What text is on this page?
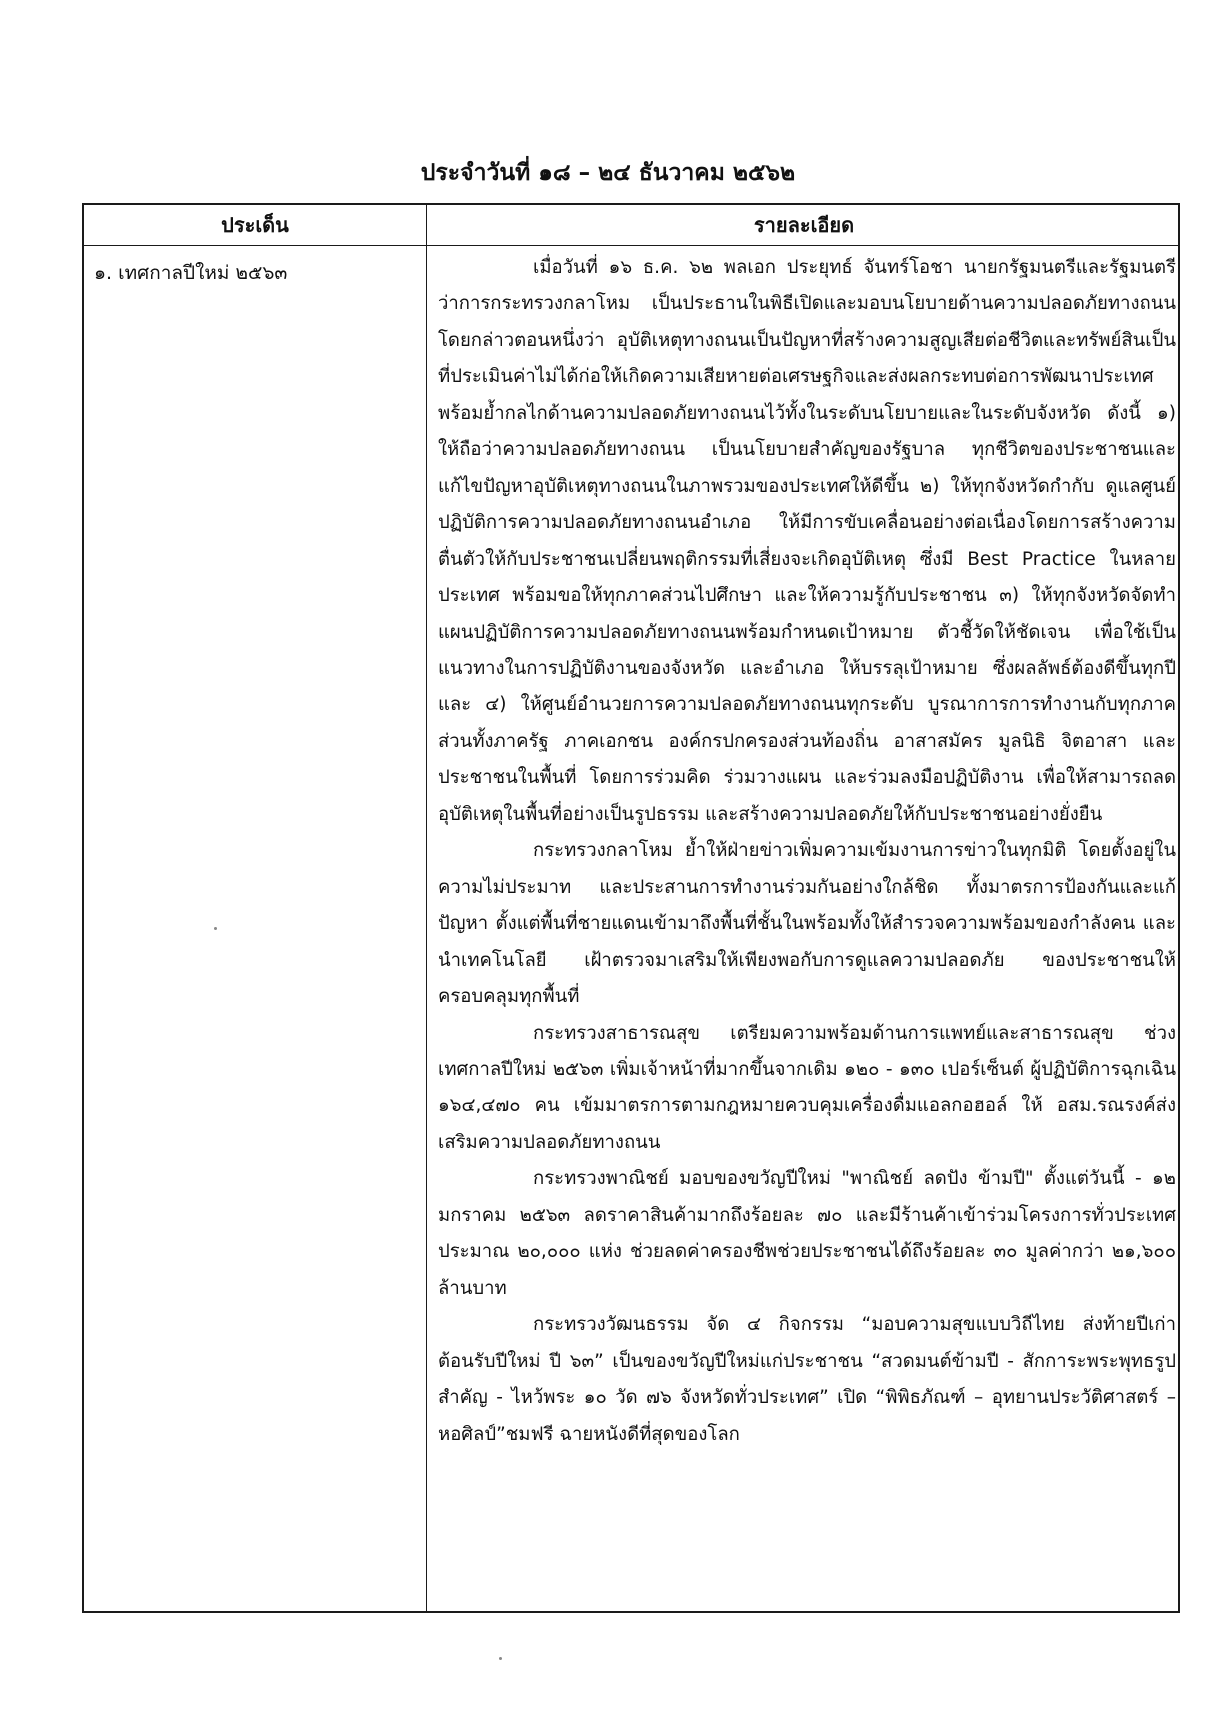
ประจำวันที่ ๑๘ – ๒๔ ธันวาคม ๒๕๖๒
ประเด็น	รายละเอียด
๑. เทศกาลปีใหม่ ๒๕๖๓	เมื่อวันที่ ๑๖ ธ.ค. ๖๒ พลเอก ประยุทธ์ จันทร์โอชา นายกรัฐมนตรีและรัฐมนตรีว่าการกระทรวงกลาโหม เป็นประธานในพิธีเปิดและมอบนโยบายด้านความปลอดภัยทางถนน โดยกล่าวตอนหนึ่งว่า อุบัติเหตุทางถนนเป็นปัญหาที่สร้างความสูญเสียต่อชีวิตและทรัพย์สินเป็นที่ประเมินค่าไม่ได้ก่อให้เกิดความเสียหายต่อเศรษฐกิจและส่งผลกระทบต่อการพัฒนาประเทศ พร้อมย้ำกลไกด้านความปลอดภัยทางถนนไว้ทั้งในระดับนโยบายและในระดับจังหวัด ดังนี้ ๑) ให้ถือว่าความปลอดภัยทางถนน เป็นนโยบายสำคัญของรัฐบาล ทุกชีวิตของประชาชนและแก้ไขปัญหาอุบัติเหตุทางถนนในภาพรวมของประเทศให้ดีขึ้น ๒) ให้ทุกจังหวัดกำกับ ดูแลศูนย์ปฏิบัติการความปลอดภัยทางถนนอำเภอ ให้มีการขับเคลื่อนอย่างต่อเนื่องโดยการสร้างความตื่นตัวให้กับประชาชนเปลี่ยนพฤติกรรมที่เสี่ยงจะเกิดอุบัติเหตุ ซึ่งมี Best Practice ในหลายประเทศ พร้อมขอให้ทุกภาคส่วนไปศึกษา และให้ความรู้กับประชาชน ๓) ให้ทุกจังหวัดจัดทำแผนปฏิบัติการความปลอดภัยทางถนนพร้อมกำหนดเป้าหมาย ตัวชี้วัดให้ชัดเจน เพื่อใช้เป็นแนวทางในการปฏิบัติงานของจังหวัด และอำเภอ ให้บรรลุเป้าหมาย ซึ่งผลลัพธ์ต้องดีขึ้นทุกปี และ ๔) ให้ศูนย์อำนวยการความปลอดภัยทางถนนทุกระดับ บูรณาการการทำงานกับทุกภาคส่วนทั้งภาครัฐ ภาคเอกชน องค์กรปกครองส่วนท้องถิ่น อาสาสมัคร มูลนิธิ จิตอาสา และประชาชนในพื้นที่ โดยการร่วมคิด ร่วมวางแผน และร่วมลงมือปฏิบัติงาน เพื่อให้สามารถลดอุบัติเหตุในพื้นที่อย่างเป็นรูปธรรม และสร้างความปลอดภัยให้กับประชาชนอย่างยั่งยืน

กระทรวงกลาโหม ย้ำให้ฝ่ายข่าวเพิ่มความเข้มงานการข่าวในทุกมิติ โดยตั้งอยู่ในความไม่ประมาท และประสานการทำงานร่วมกันอย่างใกล้ชิด ทั้งมาตรการป้องกันและแก้ปัญหา ตั้งแต่พื้นที่ชายแดนเข้ามาถึงพื้นที่ชั้นในพร้อมทั้งให้สำรวจความพร้อมของกำลังคน และนำเทคโนโลยี เฝ้าตรวจมาเสริมให้เพียงพอกับการดูแลความปลอดภัย ของประชาชนให้ครอบคลุมทุกพื้นที่

กระทรวงสาธารณสุข เตรียมความพร้อมด้านการแพทย์และสาธารณสุข ช่วงเทศกาลปีใหม่ ๒๕๖๓ เพิ่มเจ้าหน้าที่มากขึ้นจากเดิม ๑๒๐ - ๑๓๐ เปอร์เซ็นต์ ผู้ปฏิบัติการฉุกเฉิน ๑๖๔,๔๗๐ คน เข้มมาตรการตามกฎหมายควบคุมเครื่องดื่มแอลกอฮอล์ ให้ อสม.รณรงค์ส่งเสริมความปลอดภัยทางถนน

กระทรวงพาณิชย์ มอบของขวัญปีใหม่ "พาณิชย์ ลดปัง ข้ามปี" ตั้งแต่วันนี้ - ๑๒ มกราคม ๒๕๖๓ ลดราคาสินค้ามากถึงร้อยละ ๗๐ และมีร้านค้าเข้าร่วมโครงการทั่วประเทศประมาณ ๒๐,๐๐๐ แห่ง ช่วยลดค่าครองชีพช่วยประชาชนได้ถึงร้อยละ ๓๐ มูลค่ากว่า ๒๑,๖๐๐ ล้านบาท

กระทรวงวัฒนธรรม จัด ๔ กิจกรรม “มอบความสุขแบบวิถีไทย ส่งท้ายปีเก่า ต้อนรับปีใหม่ ปี ๖๓” เป็นของขวัญปีใหม่แก่ประชาชน “สวดมนต์ข้ามปี - สักการะพระพุทธรูปสำคัญ - ไหว้พระ ๑๐ วัด ๗๖ จังหวัดทั่วประเทศ” เปิด “พิพิธภัณฑ์ – อุทยานประวัติศาสตร์ – หอศิลป์”ชมฟรี ฉายหนังดีที่สุดของโลก
